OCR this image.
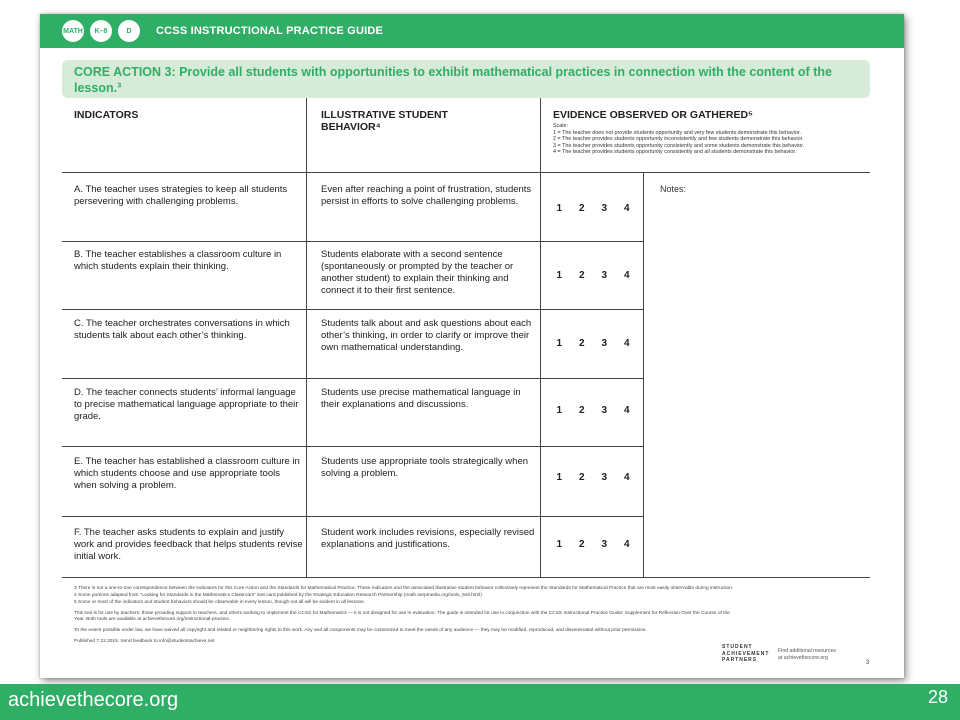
MATH	K–8	D	CCSS INSTRUCTIONAL PRACTICE GUIDE
CORE ACTION 3: Provide all students with opportunities to exhibit mathematical practices in connection with the content of the lesson.³
INDICATORS	ILLUSTRATIVE STUDENT BEHAVIOR⁴
EVIDENCE OBSERVED OR GATHERED⁵
Scale:
1 = The teacher does not provide students opportunity and very few students demonstrate this behavior.
2 = The teacher provides students opportunity inconsistently and few students demonstrate this behavior.
3 = The teacher provides students opportunity consistently and some students demonstrate this behavior.
4 = The teacher provides students opportunity consistently and all students demonstrate this behavior.
Notes:
A. The teacher uses strategies to keep all students persevering with challenging problems.
Even after reaching a point of frustration, students persist in efforts to solve challenging problems.
1 2 3 4
B. The teacher establishes a classroom culture in which students explain their thinking.
Students elaborate with a second sentence (spontaneously or prompted by the teacher or another student) to explain their thinking and connect it to their first sentence.
1 2 3 4
C. The teacher orchestrates conversations in which students talk about each other’s thinking.
Students talk about and ask questions about each other’s thinking, in order to clarify or improve their own mathematical understanding.	1 2 3 4
D. The teacher connects students’ informal language to precise mathematical language appropriate to their grade.
Students use precise mathematical language in their explanations and discussions.
1 2 3 4
E. The teacher has established a classroom culture in which students choose and use appropriate tools when solving a problem.
Students use appropriate tools strategically when solving a problem.	1 2 3 4
F. The teacher asks students to explain and justify work and provides feedback that helps students revise initial work.
Student work includes revisions, especially revised explanations and justifications.	1 2 3 4

3 There is not a one-to-one correspondence between the indicators for this Core Action and the Standards for Mathematical Practice. These indicators and the associated illustrative student behavior collectively represent the Standards for Mathematical Practice that are most easily observable during instruction.

4 Some portions adapted from “Looking for Standards in the Mathematics Classroom” 5x8 card published by the Strategic Education Research Partnership (math.serpmedia.org/tools_5x8.html)

5 Some or most of the indicators and student behaviors should be observable in every lesson, though not all will be evident in all lessons.

This tool is for use by teachers, those providing support to teachers, and others working to implement the CCSS for Mathematics — it is not designed for use in evaluation. The guide is intended for use in conjunction with the CCSS Instructional Practice Guide: Supplement for Reflection Over the Course of the Year. Both tools are available at achievethecore.org/instructional-practice.

To the extent possible under law, we have waived all copyright and related or neighboring rights to this work. Any and all components may be customized to meet the needs of any audience — they may be modified, reproduced, and disseminated without prior permission.

Published 7.22.2015. Send feedback to info@studentsachieve.net

STUDENT
ACHIEVEMENT
PARTNERS
Find additional resources
at achievethecore.org
3
achievethecore.org	28
